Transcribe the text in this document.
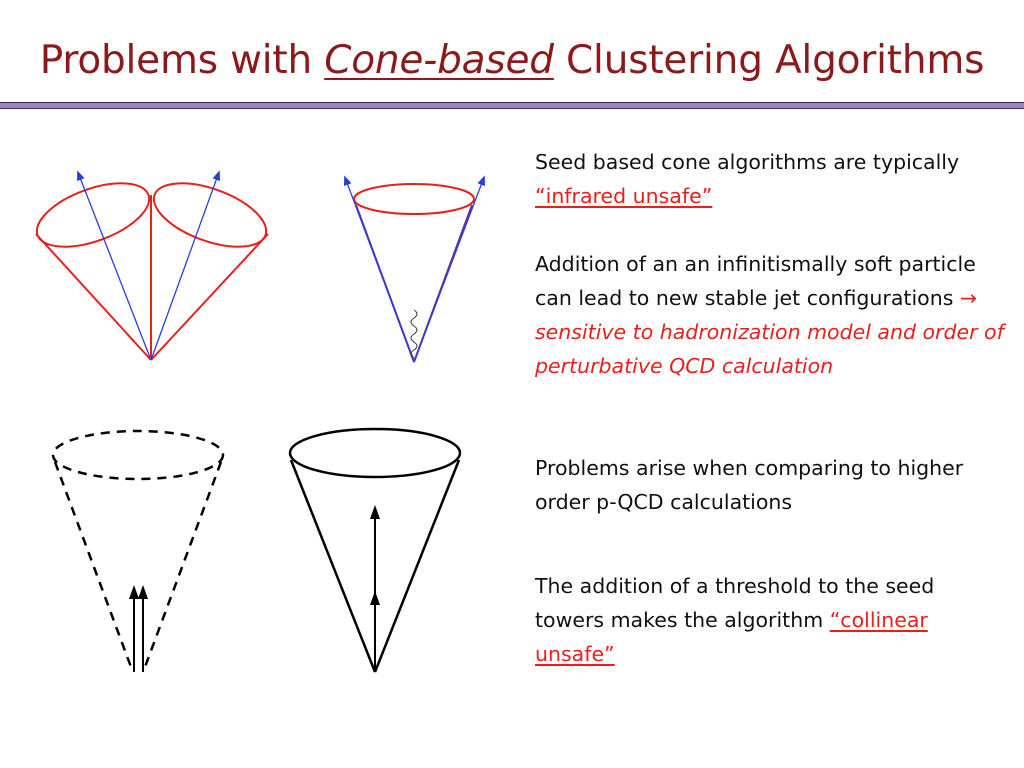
Problems with Cone-based Clustering Algorithms

Seed based cone algorithms are typically “infrared unsafe”

Addition of an an infinitismally soft particle can lead to new stable jet configurations → sensitive to hadronization model and order of perturbative QCD calculation

Problems arise when comparing to higher order p-QCD calculations

The addition of a threshold to the seed towers makes the algorithm “collinear unsafe”
